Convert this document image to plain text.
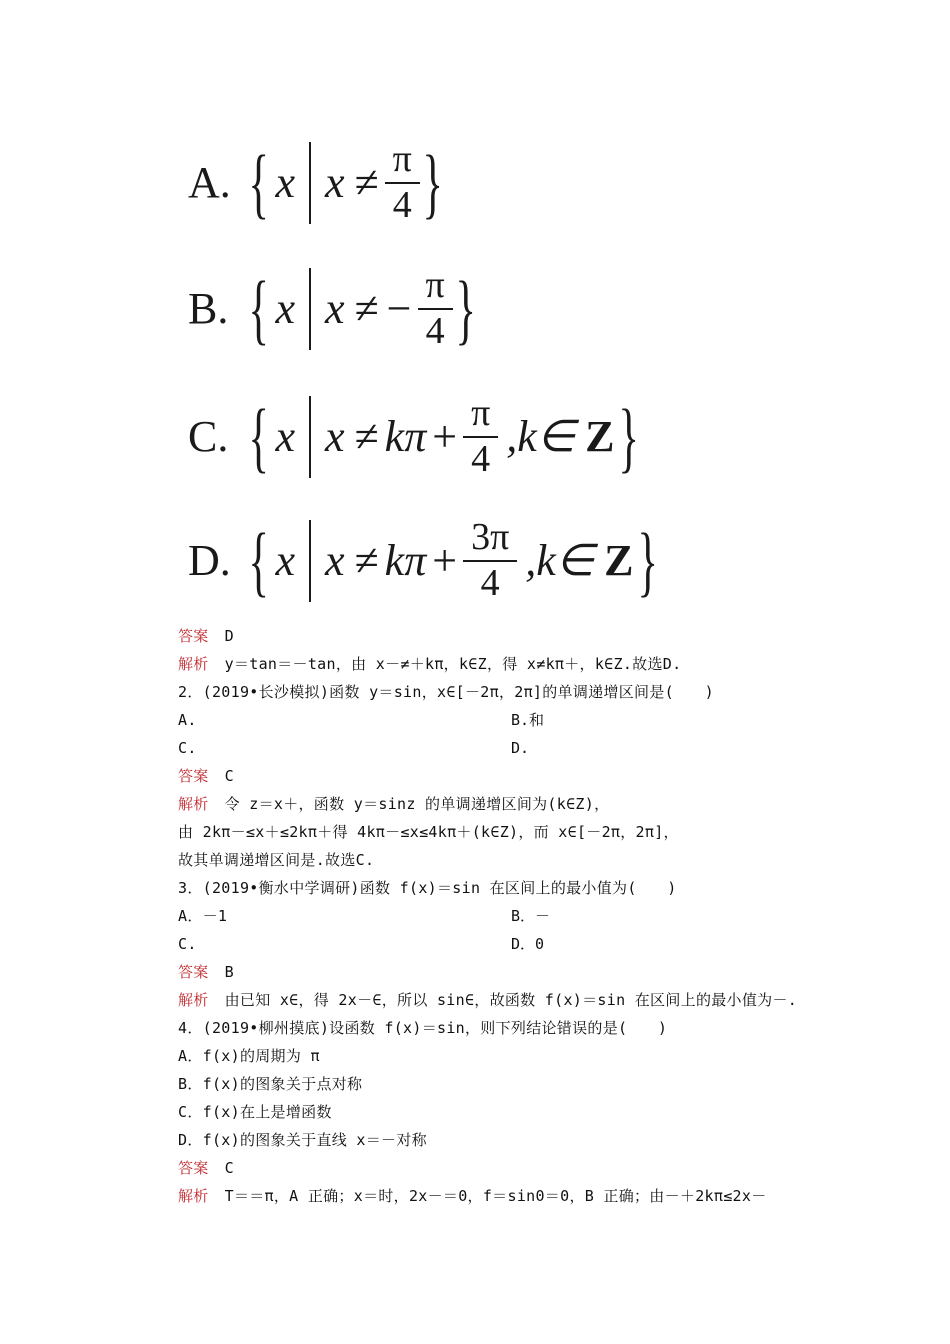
A. { x $x \ne \frac{\pi}{4}$ }
B. { x x ≠ − $\frac{\pi}{4}$ }
C. { x $x \ne k\pi + \frac{\pi}{4}$ ,k∈ Z }
D. { x $x \ne k\pi + \frac{3\pi}{4}$ ,k∈ Z }
答案 D
解析 y＝tan＝－tan，由 x－≠＋kπ，k∈Z，得 x≠kπ＋，k∈Z.故选D.
2．(2019•长沙模拟)函数 y＝sin，x∈[－2π，2π]的单调递增区间是(　　)
A.	B.和
C.	D.
答案 C
解析 令 z＝x＋，函数 y＝sinz 的单调递增区间为(k∈Z)，
由 2kπ－≤x＋≤2kπ＋得 4kπ－≤x≤4kπ＋(k∈Z)，而 x∈[－2π，2π]，
故其单调递增区间是.故选C.
3．(2019•衡水中学调研)函数 f(x)＝sin 在区间上的最小值为(　　)
A．－1	B．－
C.	D．0
答案 B
解析 由已知 x∈，得 2x－∈，所以 sin∈，故函数 f(x)＝sin 在区间上的最小值为－.
4．(2019•柳州摸底)设函数 f(x)＝sin，则下列结论错误的是(　　)
A．f(x)的周期为 π
B．f(x)的图象关于点对称
C．f(x)在上是增函数
D．f(x)的图象关于直线 x＝－对称
答案 C
解析 T＝＝π，A 正确；x＝时，2x－＝0，f＝sin0＝0，B 正确；由－＋2kπ≤2x－
